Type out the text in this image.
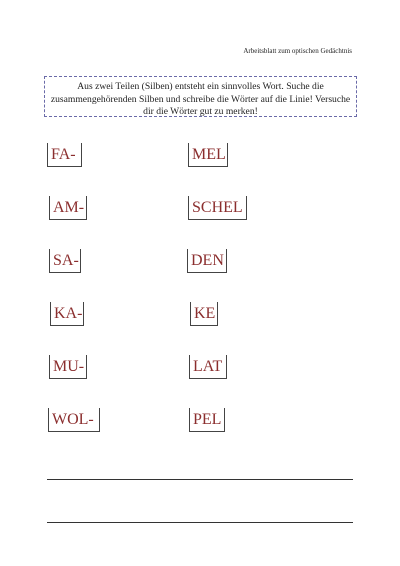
Arbeitsblatt zum optischen Gedächtnis
Aus zwei Teilen (Silben) entsteht ein sinnvolles Wort. Suche die zusammengehörenden Silben und schreibe die Wörter auf die Linie! Versuche dir die Wörter gut zu merken!
FA-
AM-
SA-
KA-
MU-
WOL-
MEL
SCHEL
DEN
KE
LAT
PEL
